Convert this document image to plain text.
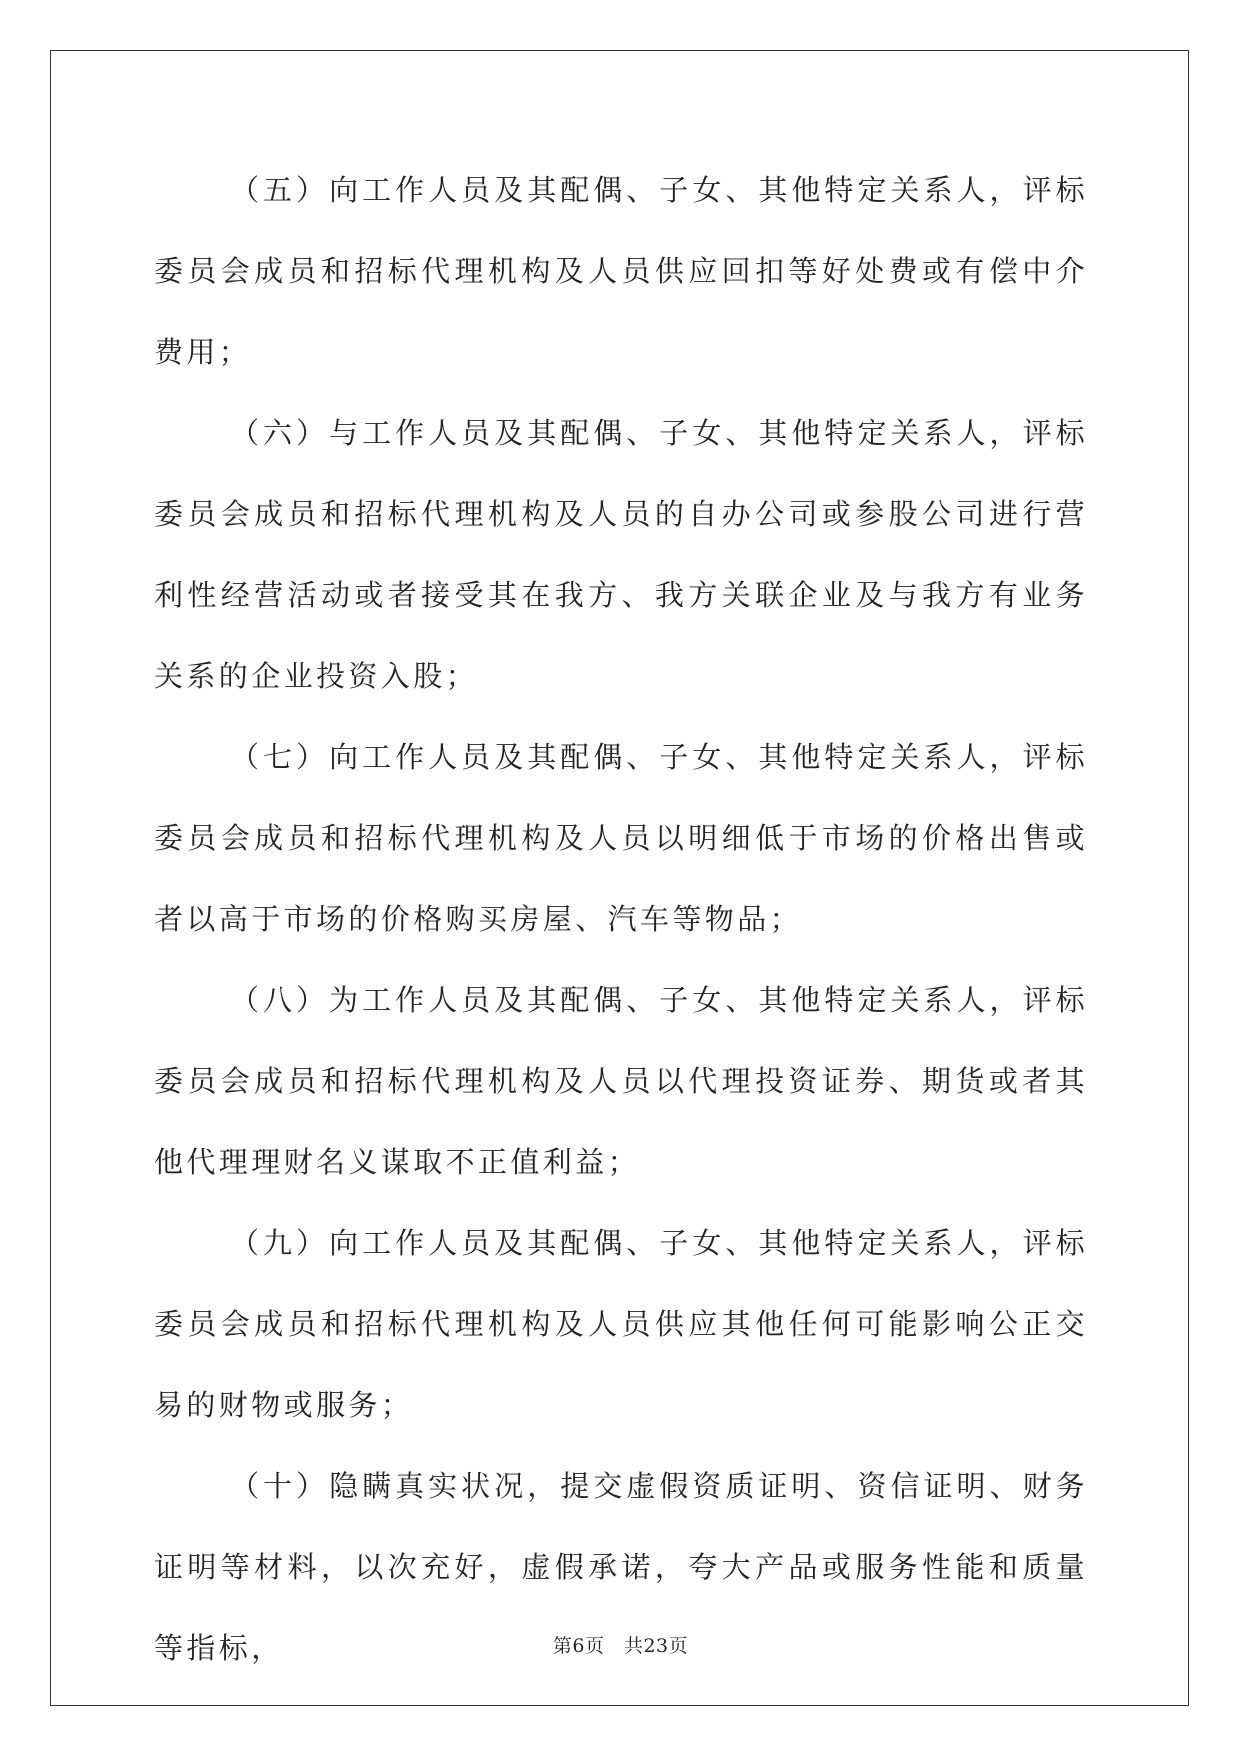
（五）向工作人员及其配偶、子女、其他特定关系人，评标委员会成员和招标代理机构及人员供应回扣等好处费或有偿中介费用；

（六）与工作人员及其配偶、子女、其他特定关系人，评标委员会成员和招标代理机构及人员的自办公司或参股公司进行营利性经营活动或者接受其在我方、我方关联企业及与我方有业务关系的企业投资入股；

（七）向工作人员及其配偶、子女、其他特定关系人，评标委员会成员和招标代理机构及人员以明细低于市场的价格出售或者以高于市场的价格购买房屋、汽车等物品；

（八）为工作人员及其配偶、子女、其他特定关系人，评标委员会成员和招标代理机构及人员以代理投资证券、期货或者其他代理理财名义谋取不正值利益；

（九）向工作人员及其配偶、子女、其他特定关系人，评标委员会成员和招标代理机构及人员供应其他任何可能影响公正交易的财物或服务；

（十）隐瞒真实状况，提交虚假资质证明、资信证明、财务证明等材料，以次充好，虚假承诺，夸大产品或服务性能和质量等指标，	第6页　共23页
